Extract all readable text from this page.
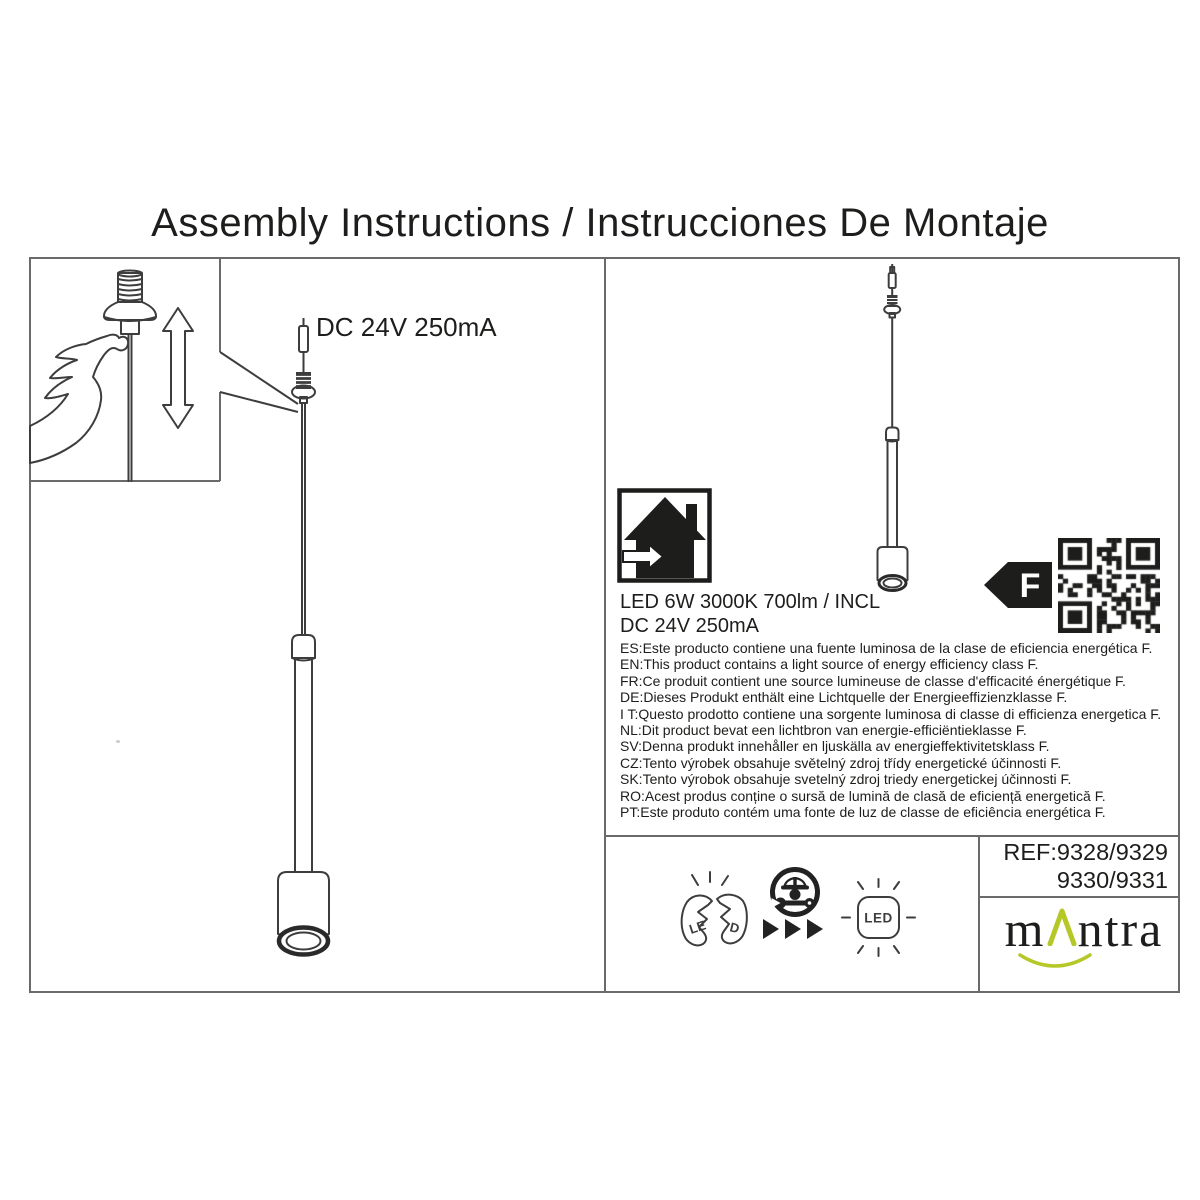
LE D
LED
Assembly Instructions / Instrucciones De Montaje
DC 24V 250mA
LED 6W 3000K 700lm / INCL
DC 24V 250mA
ES:Este producto contiene una fuente luminosa de la clase de eficiencia energética F.
EN:This product contains a light source of energy efficiency class F.
FR:Ce produit contient une source lumineuse de classe d'efficacité énergétique F.
DE:Dieses Produkt enthält eine Lichtquelle der Energieeffizienzklasse F.
I T:Questo prodotto contiene una sorgente luminosa di classe di efficienza energetica F.
NL:Dit product bevat een lichtbron van energie-efficiëntieklasse F.
SV:Denna produkt innehåller en ljuskälla av energieffektivitetsklass F.
CZ:Tento výrobek obsahuje světelný zdroj třídy energetické účinnosti F.
SK:Tento výrobok obsahuje svetelný zdroj triedy energetickej účinnosti F.
RO:Acest produs conține o sursă de lumină de clasă de eficiență energetică F.
PT:Este produto contém uma fonte de luz de classe de eficiência energética F.
F
REF:9328/9329
9330/9331
m ntra
